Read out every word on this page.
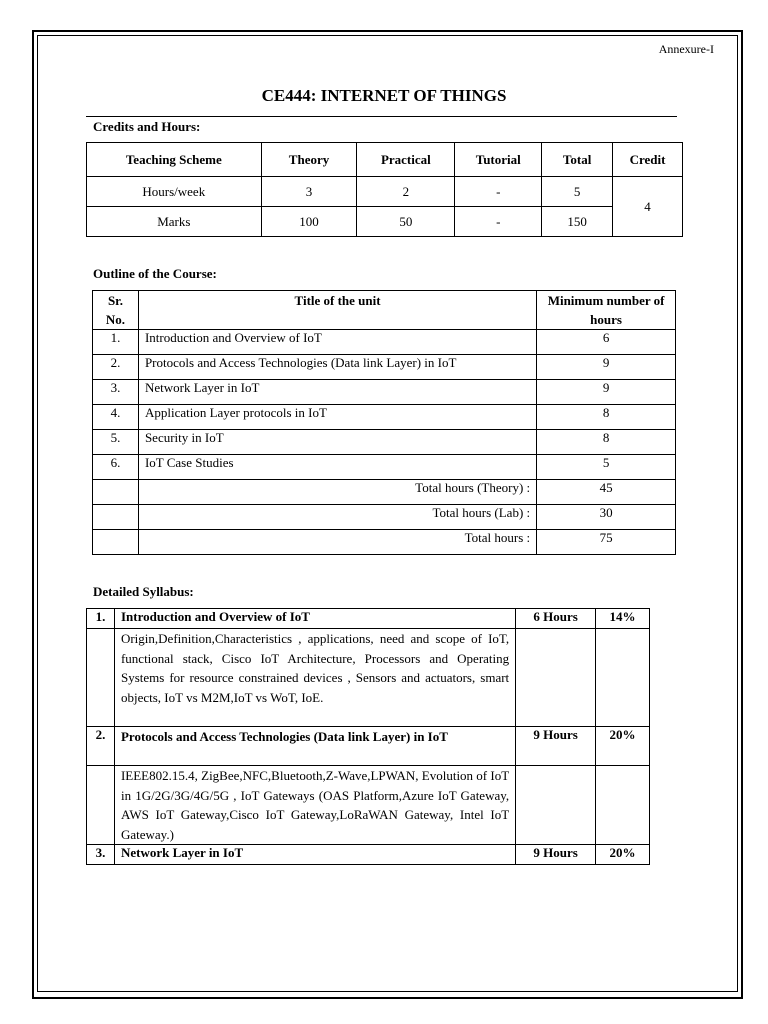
Annexure-I
CE444: INTERNET OF THINGS
Credits and Hours:
Teaching Scheme	Theory	Practical	Tutorial	Total	Credit
Hours/week	3	2	-	5	4
Marks	100	50	-	150	
Outline of the Course:
Sr. No.	Title of the unit	Minimum number of hours
1.	Introduction and Overview of IoT	6
2.	Protocols and Access Technologies (Data link Layer) in IoT	9
3.	Network Layer in IoT	9
4.	Application Layer protocols in IoT	8
5.	Security in IoT	8
6.	IoT Case Studies	5
	Total hours (Theory) :	45
	Total hours (Lab) :	30
	Total hours :	75
Detailed Syllabus:
1.	Introduction and Overview of IoT	6 Hours	14%
	Origin,Definition,Characteristics , applications, need and scope of IoT, functional stack, Cisco IoT Architecture, Processors and Operating Systems for resource constrained devices , Sensors and actuators, smart objects, IoT vs M2M,IoT vs WoT, IoE.		
2.	Protocols and Access Technologies (Data link Layer) in IoT	9 Hours	20%
	IEEE802.15.4, ZigBee,NFC,Bluetooth,Z-Wave,LPWAN, Evolution of IoT in 1G/2G/3G/4G/5G , IoT Gateways (OAS Platform,Azure IoT Gateway, AWS IoT Gateway,Cisco IoT Gateway,LoRaWAN Gateway, Intel IoT Gateway.)		
3.	Network Layer in IoT	9 Hours	20%
